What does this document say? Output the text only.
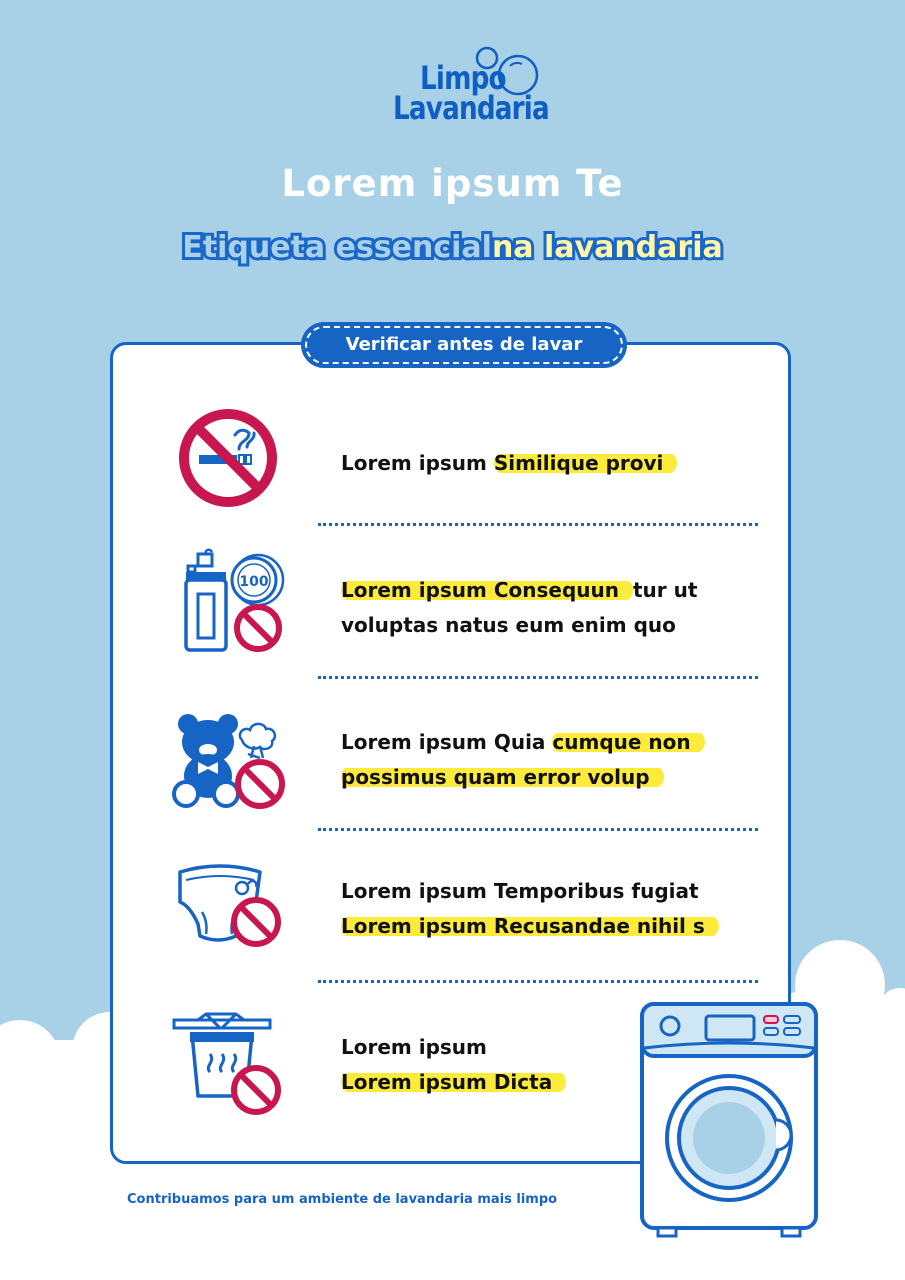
Limpo
Lavandaria
Lorem ipsum Te
Etiqueta essencialna lavandaria
Verificar antes de lavar
Lorem ipsum Similique provi
100	Lorem ipsum Consequun tur ut
voluptas natus eum enim quo
Lorem ipsum Quia cumque non
possimus quam error volup
Lorem ipsum Temporibus fugiat
Lorem ipsum Recusandae nihil s
Lorem ipsum
Lorem ipsum Dicta
Contribuamos para um ambiente de lavandaria mais limpo
